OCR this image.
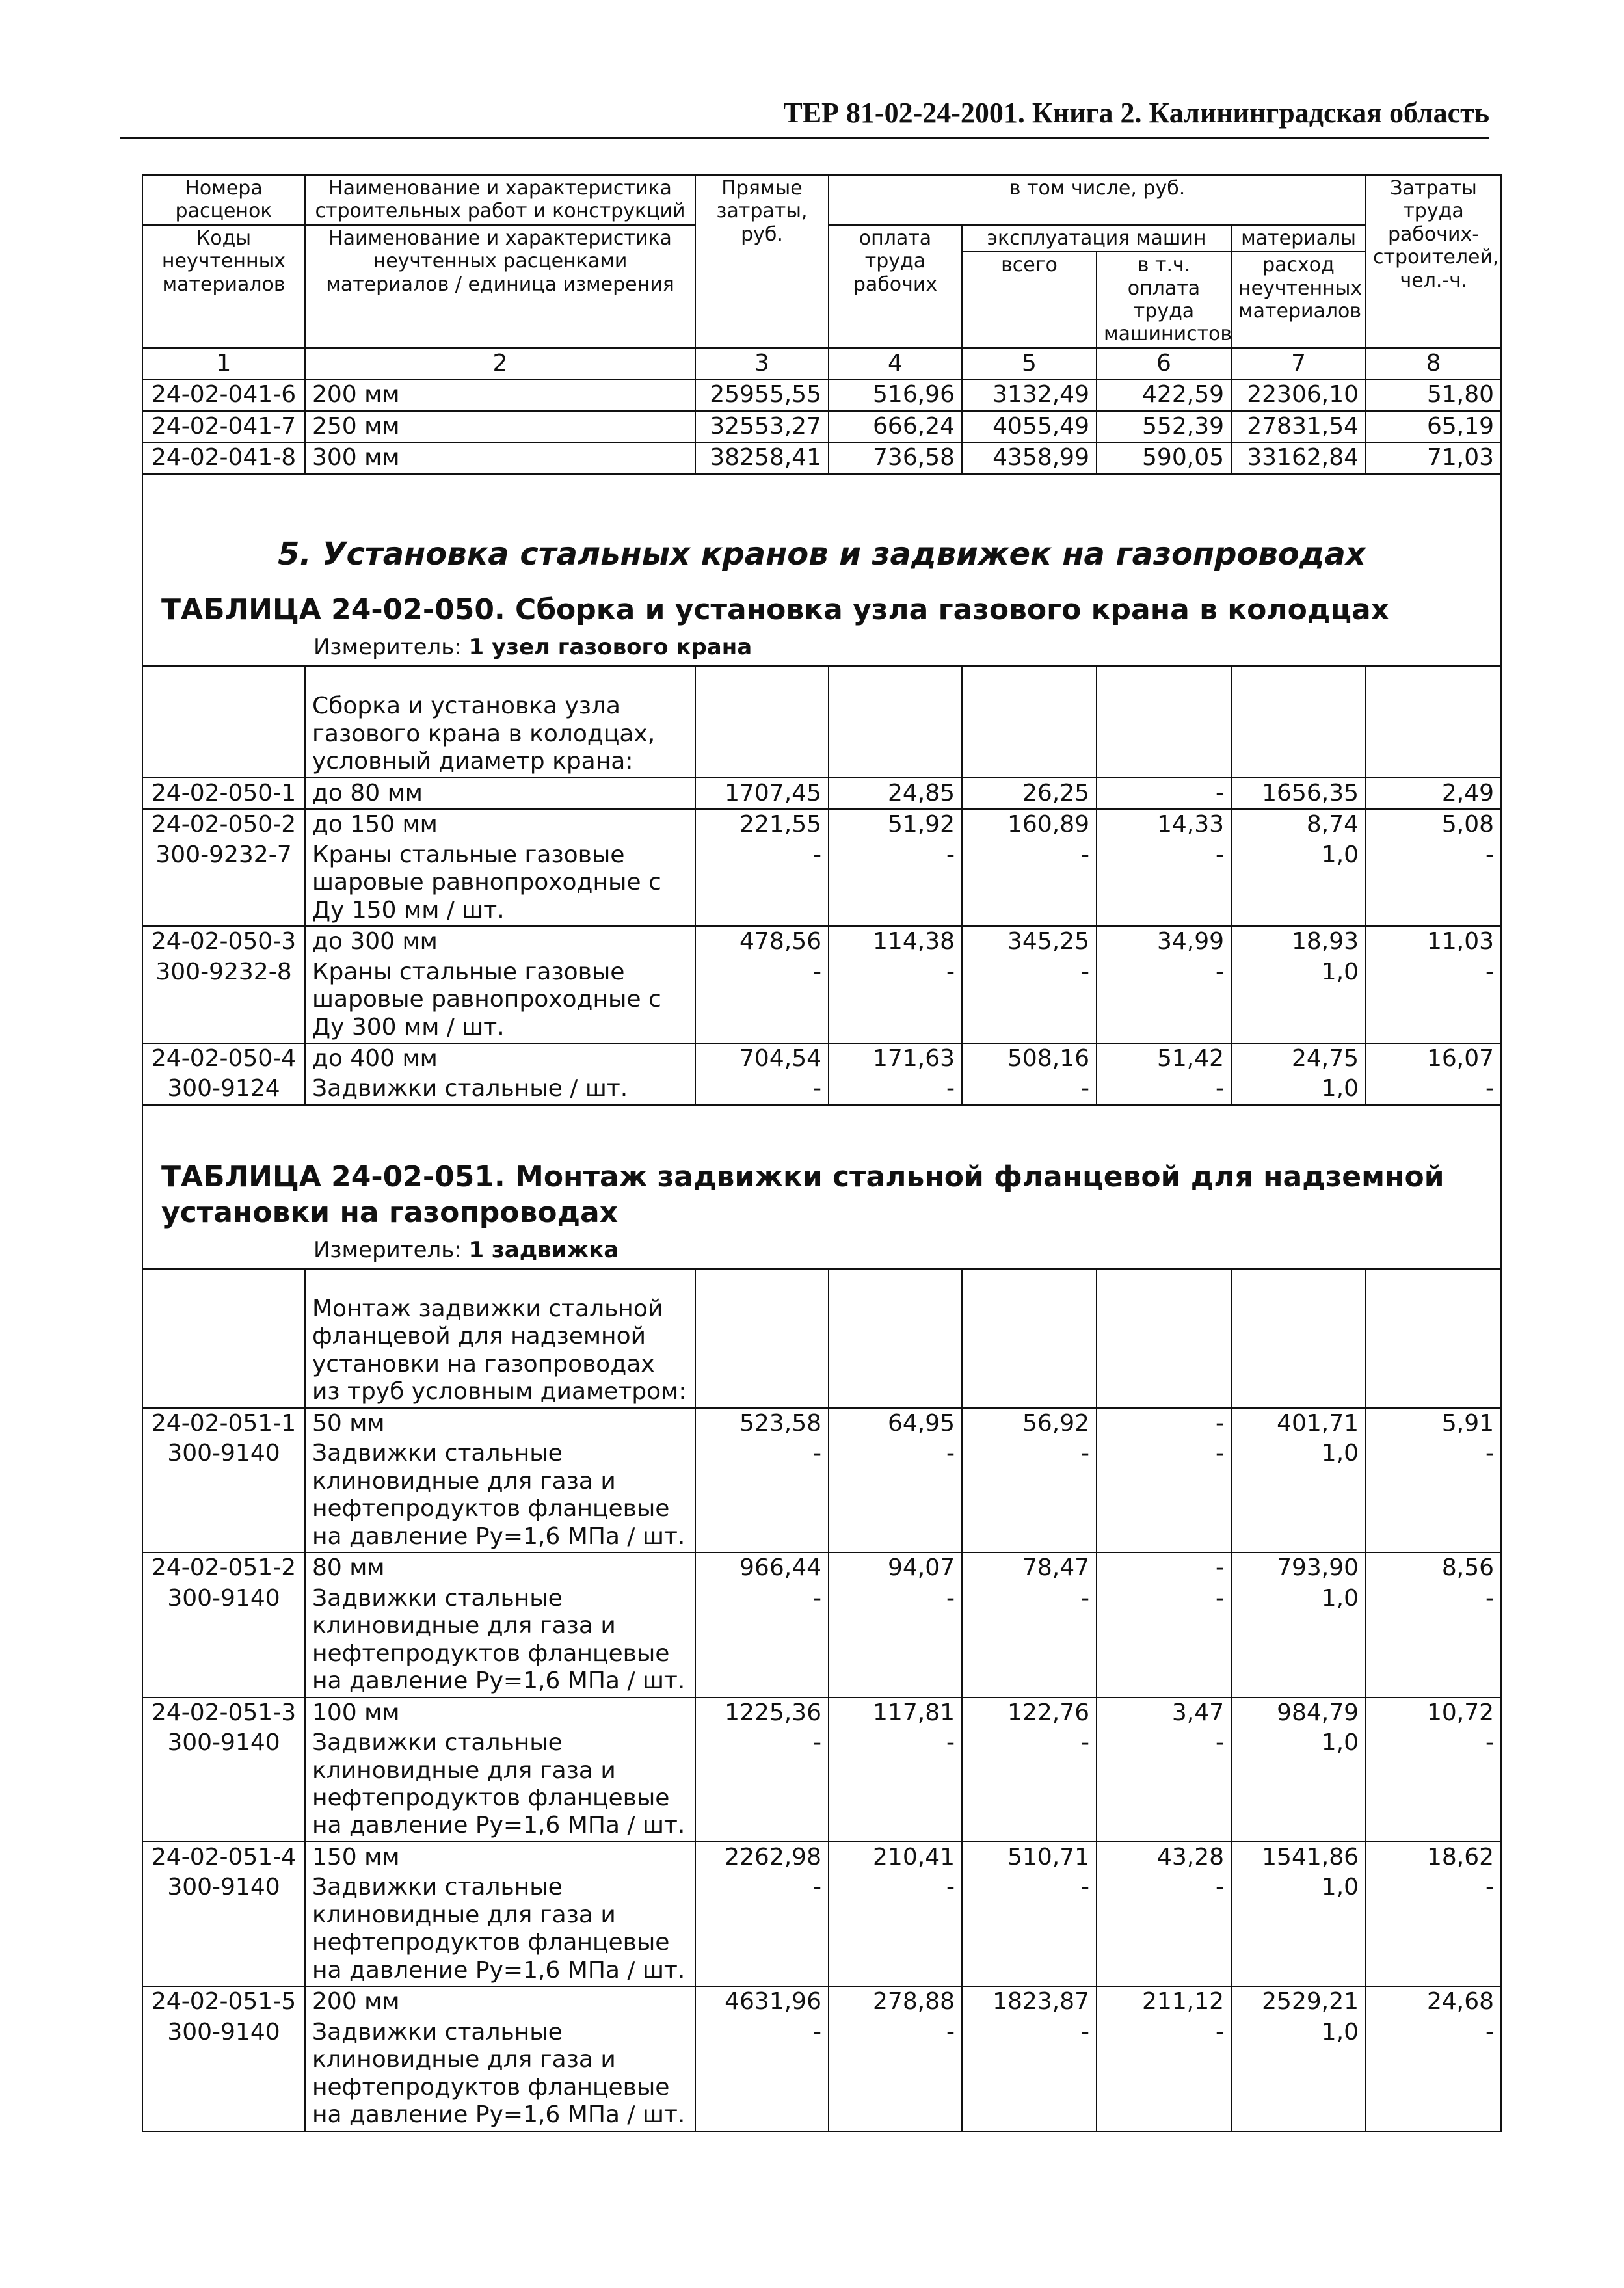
ТЕР 81-02-24-2001. Книга 2. Калининградская область
Номера расценок	Наименование и характеристика строительных работ и конструкций	Прямые затраты, руб.	в том числе, руб.				Затраты труда рабочих-строителей, чел.-ч.
Коды неучтенных материалов	Наименование и характеристика неучтенных расценками материалов / единица измерения		оплата труда рабочих	эксплуатация машин		материалы	
				всего	в т.ч. оплата труда машинистов	расход неучтенных материалов	
1	2	3	4	5	6	7	8
24-02-041-6	200 мм	25955,55	516,96	3132,49	422,59	22306,10	51,80
24-02-041-7	250 мм	32553,27	666,24	4055,49	552,39	27831,54	65,19
24-02-041-8	300 мм	38258,41	736,58	4358,99	590,05	33162,84	71,03

5. Установка стальных кранов и задвижек на газопроводах
ТАБЛИЦА 24-02-050. Сборка и установка узла газового крана в колодцах
Измеритель: 1 узел газового крана							

	Сборка и установка узла газового крана в колодцах, условный диаметр крана:						
24-02-050-1	до 80 мм	1707,45	24,85	26,25	-	1656,35	2,49
24-02-050-2	до 150 мм	221,55	51,92	160,89	14,33	8,74	5,08
300-9232-7	Краны стальные газовые шаровые равнопроходные с Ду 150 мм / шт.	-	-	-	-	1,0	-
24-02-050-3	до 300 мм	478,56	114,38	345,25	34,99	18,93	11,03
300-9232-8	Краны стальные газовые шаровые равнопроходные с Ду 300 мм / шт.	-	-	-	-	1,0	-
24-02-050-4	до 400 мм	704,54	171,63	508,16	51,42	24,75	16,07
300-9124	Задвижки стальные / шт.	-	-	-	-	1,0	-

ТАБЛИЦА 24-02-051. Монтаж задвижки стальной фланцевой для надземной установки на газопроводах
Измеритель: 1 задвижка							

	Монтаж задвижки стальной фланцевой для надземной установки на газопроводах из труб условным диаметром:						
24-02-051-1	50 мм	523,58	64,95	56,92	-	401,71	5,91
300-9140	Задвижки стальные клиновидные для газа и нефтепродуктов фланцевые на давление Ру=1,6 МПа / шт.	-	-	-	-	1,0	-
24-02-051-2	80 мм	966,44	94,07	78,47	-	793,90	8,56
300-9140	Задвижки стальные клиновидные для газа и нефтепродуктов фланцевые на давление Ру=1,6 МПа / шт.	-	-	-	-	1,0	-
24-02-051-3	100 мм	1225,36	117,81	122,76	3,47	984,79	10,72
300-9140	Задвижки стальные клиновидные для газа и нефтепродуктов фланцевые на давление Ру=1,6 МПа / шт.	-	-	-	-	1,0	-
24-02-051-4	150 мм	2262,98	210,41	510,71	43,28	1541,86	18,62
300-9140	Задвижки стальные клиновидные для газа и нефтепродуктов фланцевые на давление Ру=1,6 МПа / шт.	-	-	-	-	1,0	-
24-02-051-5	200 мм	4631,96	278,88	1823,87	211,12	2529,21	24,68
300-9140	Задвижки стальные клиновидные для газа и нефтепродуктов фланцевые на давление Ру=1,6 МПа / шт.	-	-	-	-	1,0	-
